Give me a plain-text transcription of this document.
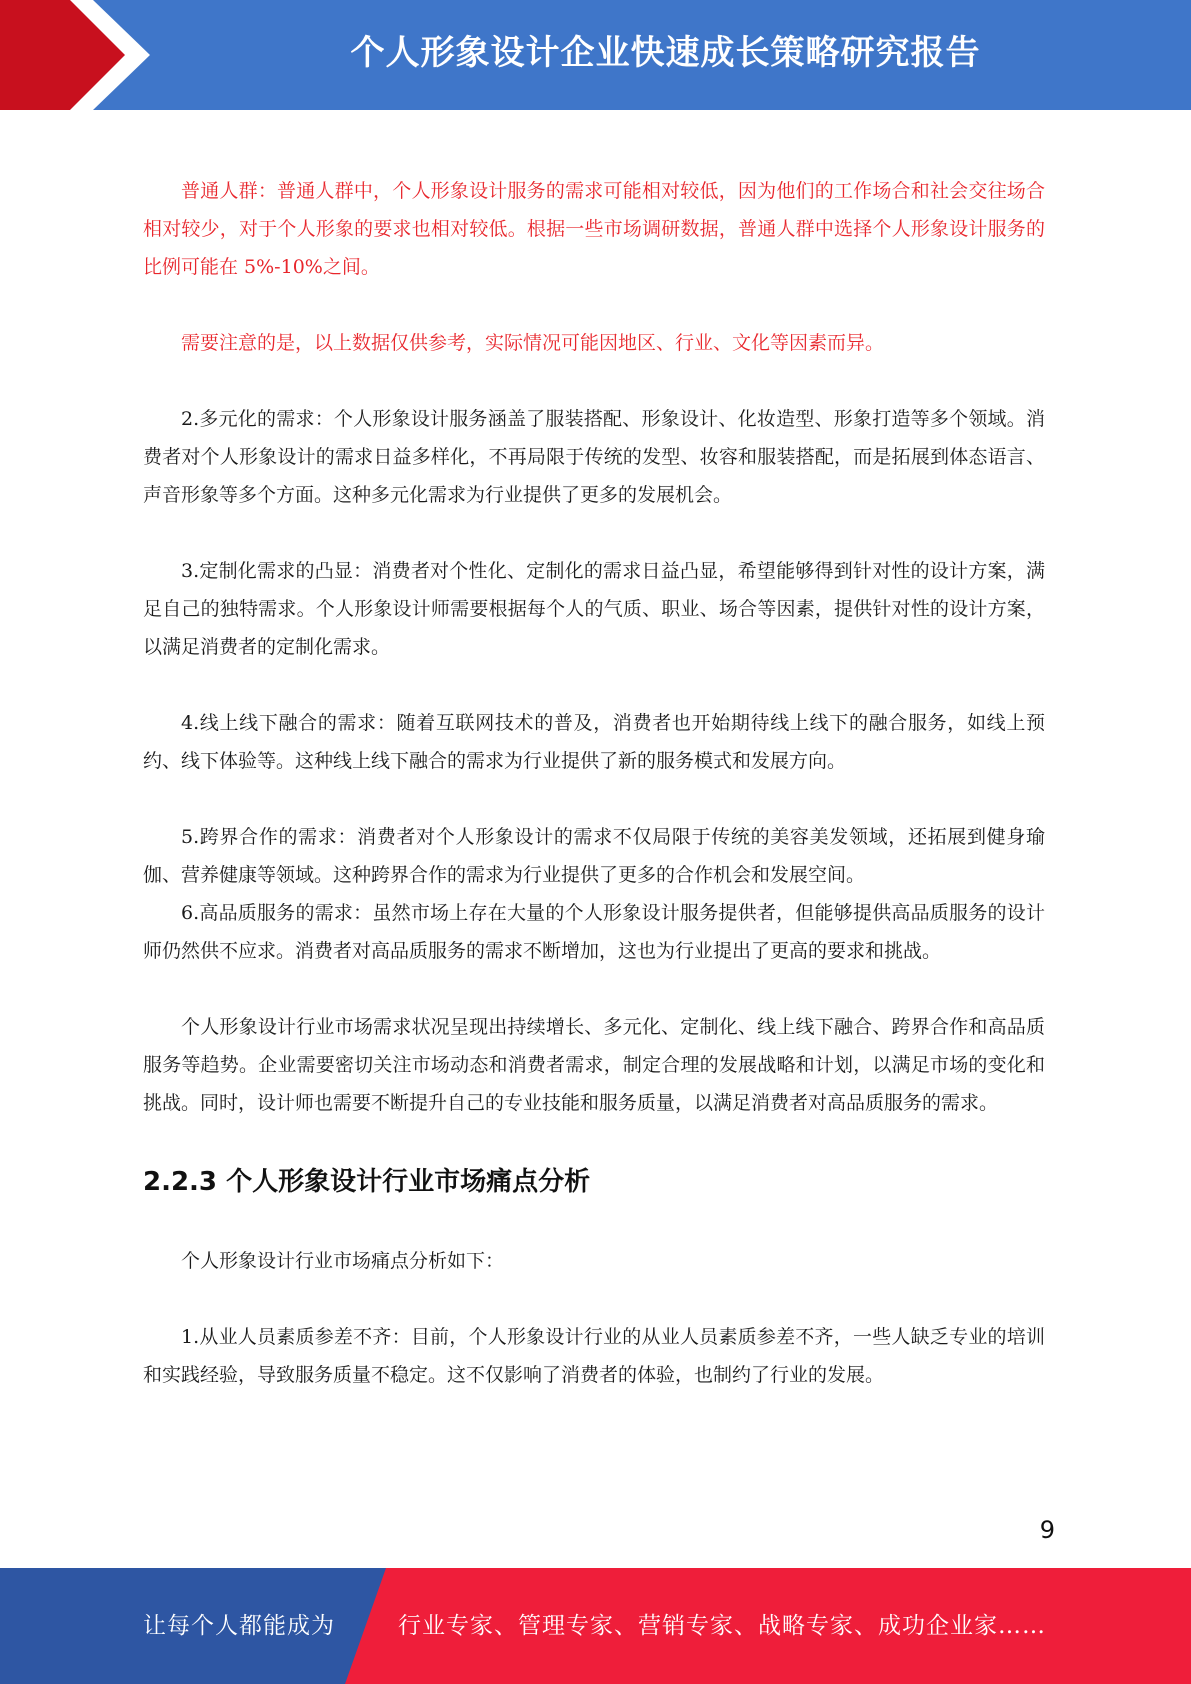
个人形象设计企业快速成长策略研究报告

普通人群：普通人群中，个人形象设计服务的需求可能相对较低，因为他们的工作场合和社会交往场合相对较少，对于个人形象的要求也相对较低。根据一些市场调研数据，普通人群中选择个人形象设计服务的比例可能在 5%-10%之间。

需要注意的是，以上数据仅供参考，实际情况可能因地区、行业、文化等因素而异。

2.多元化的需求：个人形象设计服务涵盖了服装搭配、形象设计、化妆造型、形象打造等多个领域。消费者对个人形象设计的需求日益多样化，不再局限于传统的发型、妆容和服装搭配，而是拓展到体态语言、声音形象等多个方面。这种多元化需求为行业提供了更多的发展机会。

3.定制化需求的凸显：消费者对个性化、定制化的需求日益凸显，希望能够得到针对性的设计方案，满足自己的独特需求。个人形象设计师需要根据每个人的气质、职业、场合等因素，提供针对性的设计方案，以满足消费者的定制化需求。

4.线上线下融合的需求：随着互联网技术的普及，消费者也开始期待线上线下的融合服务，如线上预约、线下体验等。这种线上线下融合的需求为行业提供了新的服务模式和发展方向。

5.跨界合作的需求：消费者对个人形象设计的需求不仅局限于传统的美容美发领域，还拓展到健身瑜伽、营养健康等领域。这种跨界合作的需求为行业提供了更多的合作机会和发展空间。

6.高品质服务的需求：虽然市场上存在大量的个人形象设计服务提供者，但能够提供高品质服务的设计师仍然供不应求。消费者对高品质服务的需求不断增加，这也为行业提出了更高的要求和挑战。

个人形象设计行业市场需求状况呈现出持续增长、多元化、定制化、线上线下融合、跨界合作和高品质服务等趋势。企业需要密切关注市场动态和消费者需求，制定合理的发展战略和计划，以满足市场的变化和挑战。同时，设计师也需要不断提升自己的专业技能和服务质量，以满足消费者对高品质服务的需求。

2.2.3 个人形象设计行业市场痛点分析

个人形象设计行业市场痛点分析如下：

1.从业人员素质参差不齐：目前，个人形象设计行业的从业人员素质参差不齐，一些人缺乏专业的培训和实践经验，导致服务质量不稳定。这不仅影响了消费者的体验，也制约了行业的发展。

9
让每个人都能成为	行业专家、管理专家、营销专家、战略专家、成功企业家……
